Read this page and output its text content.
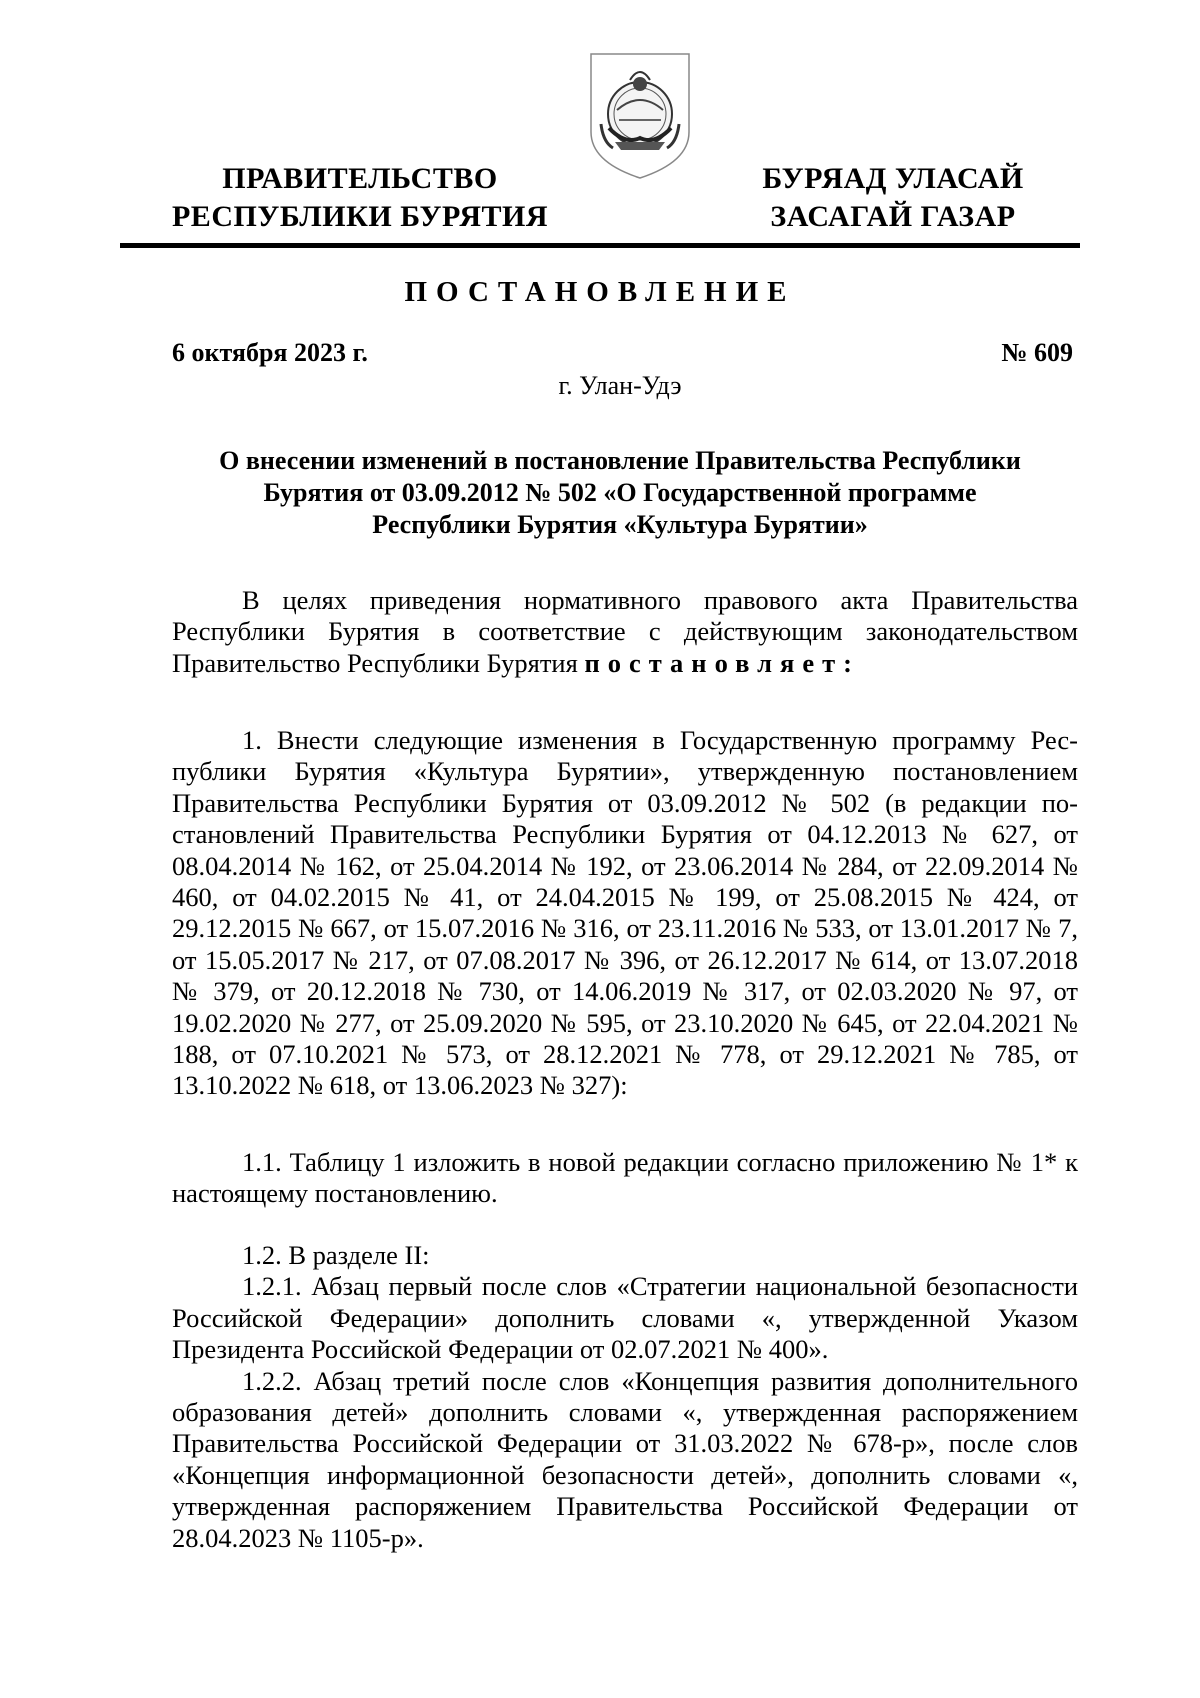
ПРАВИТЕЛЬСТВО
РЕСПУБЛИКИ БУРЯТИЯ
БУРЯАД УЛАСАЙ
ЗАСАГАЙ ГАЗАР
ПОСТАНОВЛЕНИЕ
6 октября 2023 г.	№ 609
г. Улан-Удэ
О внесении изменений в постановление Правительства Республики
Бурятия от 03.09.2012 № 502 «О Государственной программе
Республики Бурятия «Культура Бурятии»

В целях приведения нормативного правового акта Правительства Республики Бурятия в соответствие с действующим законодательством Правительство Республики Бурятия постановляет:

1. Внести следующие изменения в Государственную программу Республики Бурятия «Культура Бурятии», утвержденную постановлением Правительства Республики Бурятия от 03.09.2012 № 502 (в редакции постановлений Правительства Республики Бурятия от 04.12.2013 № 627, от 08.04.2014 № 162, от 25.04.2014 № 192, от 23.06.2014 № 284, от 22.09.2014 № 460, от 04.02.2015 № 41, от 24.04.2015 № 199, от 25.08.2015 № 424, от 29.12.2015 № 667, от 15.07.2016 № 316, от 23.11.2016 № 533, от 13.01.2017 № 7, от 15.05.2017 № 217, от 07.08.2017 № 396, от 26.12.2017 № 614, от 13.07.2018 № 379, от 20.12.2018 № 730, от 14.06.2019 № 317, от 02.03.2020 № 97, от 19.02.2020 № 277, от 25.09.2020 № 595, от 23.10.2020 № 645, от 22.04.2021 № 188, от 07.10.2021 № 573, от 28.12.2021 № 778, от 29.12.2021 № 785, от 13.10.2022 № 618, от 13.06.2023 № 327):

1.1. Таблицу 1 изложить в новой редакции согласно приложению № 1* к настоящему постановлению.

1.2. В разделе II:

1.2.1. Абзац первый после слов «Стратегии национальной безопасности Российской Федерации» дополнить словами «, утвержденной Указом Президента Российской Федерации от 02.07.2021 № 400».

1.2.2. Абзац третий после слов «Концепция развития дополнительного образования детей» дополнить словами «, утвержденная распоряжением Правительства Российской Федерации от 31.03.2022 № 678-р», после слов «Концепция информационной безопасности детей», дополнить словами «, утвержденная распоряжением Правительства Российской Федерации от 28.04.2023 № 1105-р».
